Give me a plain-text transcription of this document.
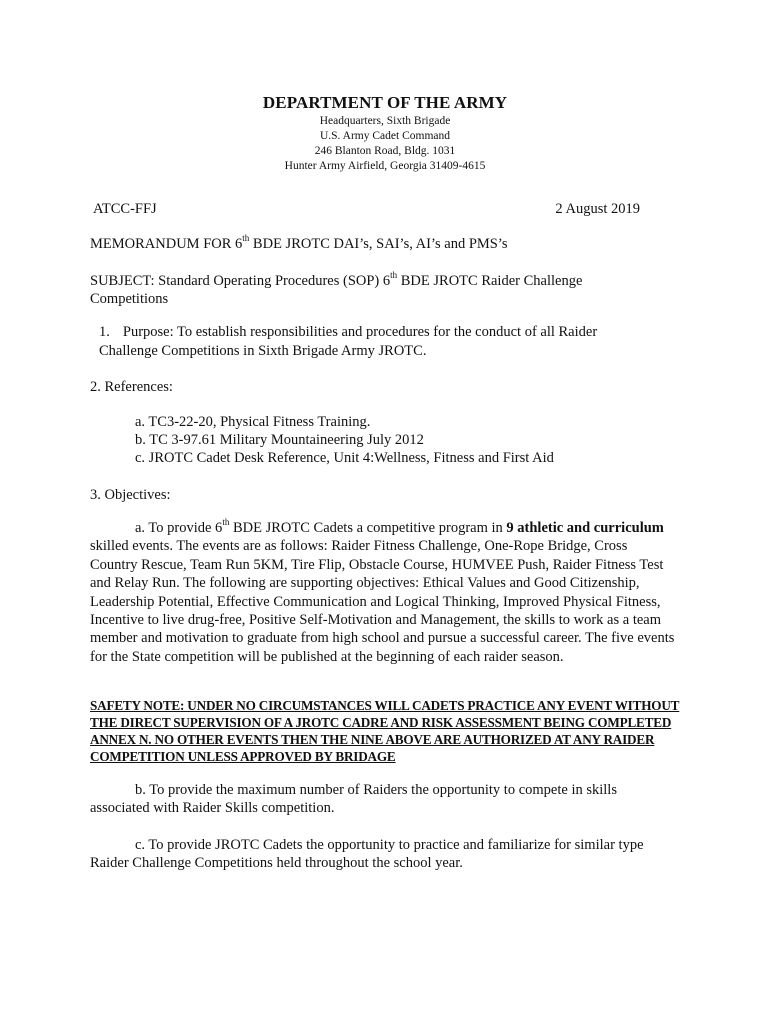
DEPARTMENT OF THE ARMY
Headquarters, Sixth Brigade
U.S. Army Cadet Command
246 Blanton Road, Bldg. 1031
Hunter Army Airfield, Georgia 31409-4615
ATCC-FFJ	2 August 2019
MEMORANDUM FOR 6th BDE JROTC DAI’s, SAI’s, AI’s and PMS’s
SUBJECT: Standard Operating Procedures (SOP) 6th BDE JROTC Raider Challenge
Competitions
1. Purpose: To establish responsibilities and procedures for the conduct of all Raider
Challenge Competitions in Sixth Brigade Army JROTC.
2. References:
a. TC3-22-20, Physical Fitness Training.
b. TC 3-97.61 Military Mountaineering July 2012
c. JROTC Cadet Desk Reference, Unit 4:Wellness, Fitness and First Aid
3. Objectives:
a. To provide 6th BDE JROTC Cadets a competitive program in 9 athletic and curriculum skilled events. The events are as follows: Raider Fitness Challenge, One-Rope Bridge, Cross Country Rescue, Team Run 5KM, Tire Flip, Obstacle Course, HUMVEE Push, Raider Fitness Test and Relay Run. The following are supporting objectives: Ethical Values and Good Citizenship, Leadership Potential, Effective Communication and Logical Thinking, Improved Physical Fitness, Incentive to live drug-free, Positive Self-Motivation and Management, the skills to work as a team member and motivation to graduate from high school and pursue a successful career. The five events for the State competition will be published at the beginning of each raider season.
SAFETY NOTE: UNDER NO CIRCUMSTANCES WILL CADETS PRACTICE ANY EVENT WITHOUT THE DIRECT SUPERVISION OF A JROTC CADRE AND RISK ASSESSMENT BEING COMPLETED ANNEX N. NO OTHER EVENTS THEN THE NINE ABOVE ARE AUTHORIZED AT ANY RAIDER COMPETITION UNLESS APPROVED BY BRIDAGE
b. To provide the maximum number of Raiders the opportunity to compete in skills associated with Raider Skills competition.
c. To provide JROTC Cadets the opportunity to practice and familiarize for similar type Raider Challenge Competitions held throughout the school year.
